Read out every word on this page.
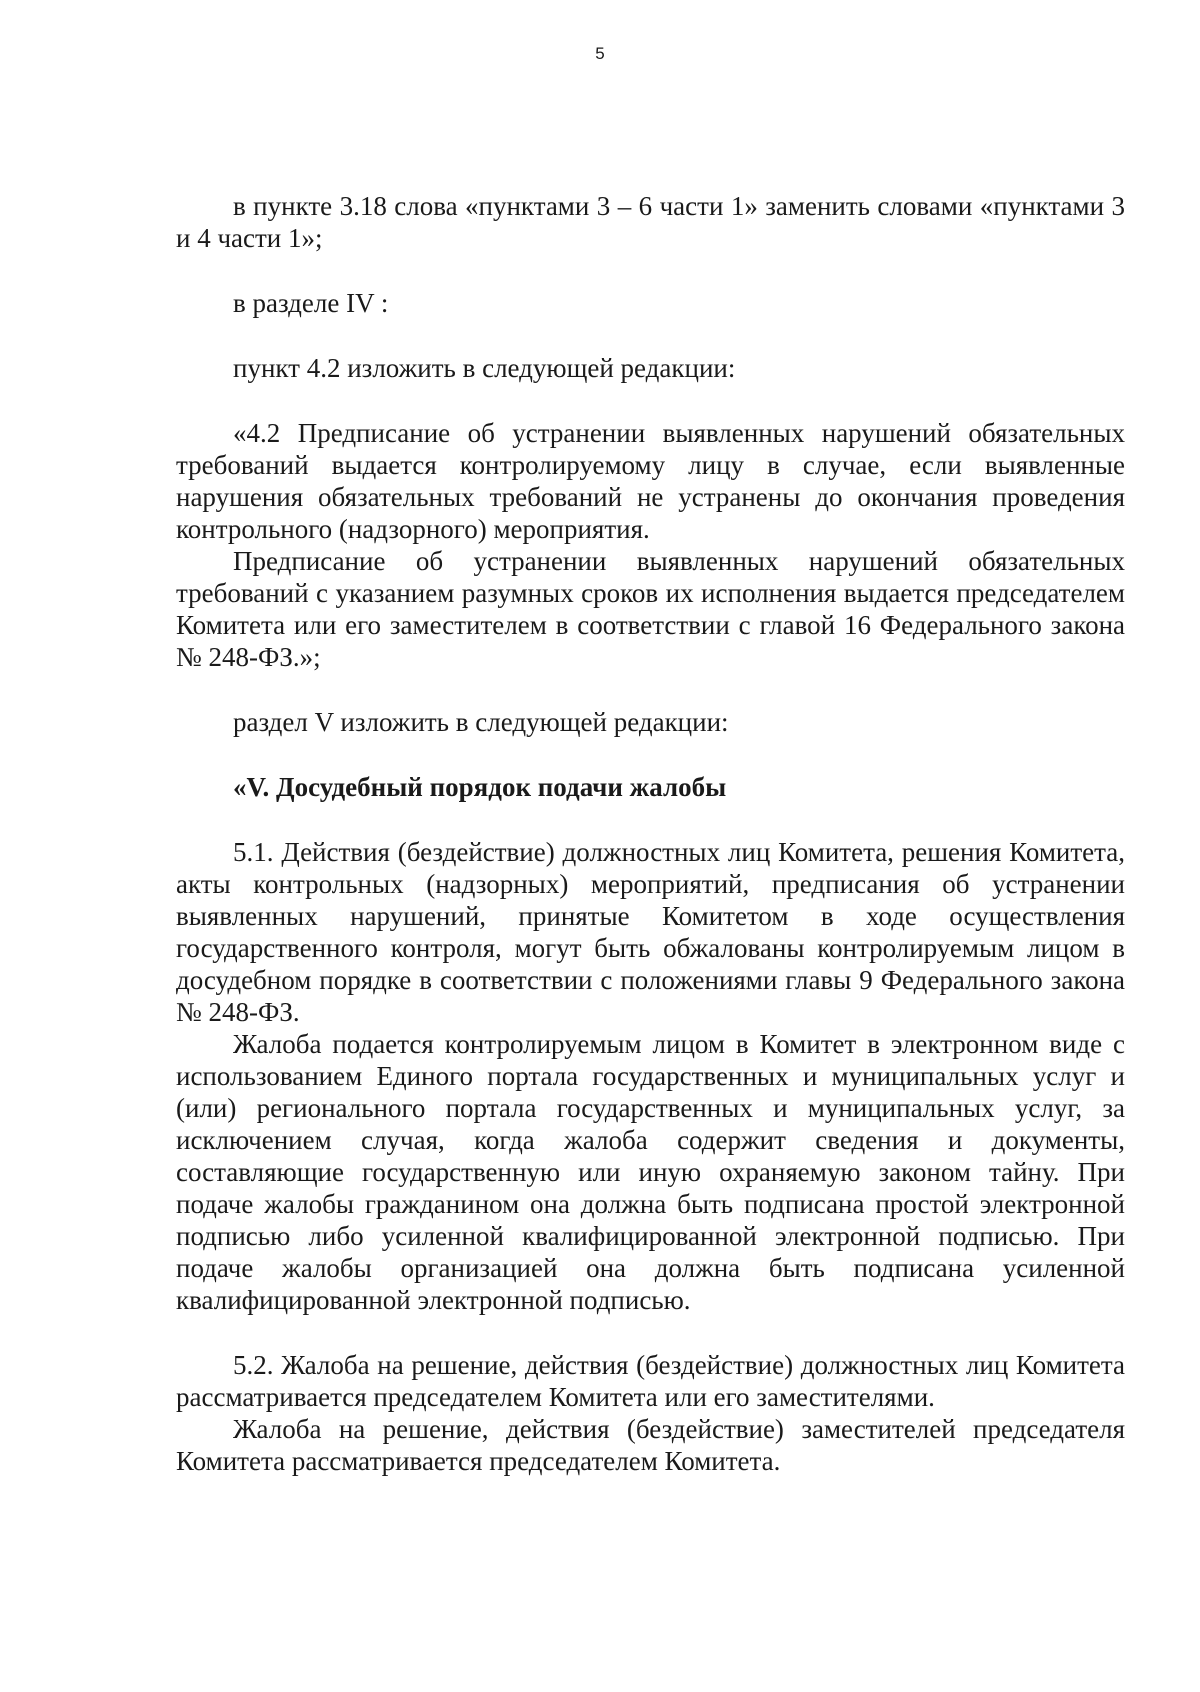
5

в пункте 3.18 слова «пунктами 3 – 6 части 1» заменить словами «пунктами 3 и 4 части 1»;

в разделе IV :

пункт 4.2 изложить в следующей редакции:

«4.2 Предписание об устранении выявленных нарушений обязательных требований выдается контролируемому лицу в случае, если выявленные нарушения обязательных требований не устранены до окончания проведения контрольного (надзорного) мероприятия.

Предписание об устранении выявленных нарушений обязательных требований с указанием разумных сроков их исполнения выдается председателем Комитета или его заместителем в соответствии с главой 16 Федерального закона № 248-ФЗ.»;

раздел V изложить в следующей редакции:

«V. Досудебный порядок подачи жалобы

5.1. Действия (бездействие) должностных лиц Комитета, решения Комитета, акты контрольных (надзорных) мероприятий, предписания об устранении выявленных нарушений, принятые Комитетом в ходе осуществления государственного контроля, могут быть обжалованы контролируемым лицом в досудебном порядке в соответствии с положениями главы 9 Федерального закона № 248-ФЗ.

Жалоба подается контролируемым лицом в Комитет в электронном виде с использованием Единого портала государственных и муниципальных услуг и (или) регионального портала государственных и муниципальных услуг, за исключением случая, когда жалоба содержит сведения и документы, составляющие государственную или иную охраняемую законом тайну. При подаче жалобы гражданином она должна быть подписана простой электронной подписью либо усиленной квалифицированной электронной подписью. При подаче жалобы организацией она должна быть подписана усиленной квалифицированной электронной подписью.

5.2. Жалоба на решение, действия (бездействие) должностных лиц Комитета рассматривается председателем Комитета или его заместителями.

Жалоба на решение, действия (бездействие) заместителей председателя Комитета рассматривается председателем Комитета.
